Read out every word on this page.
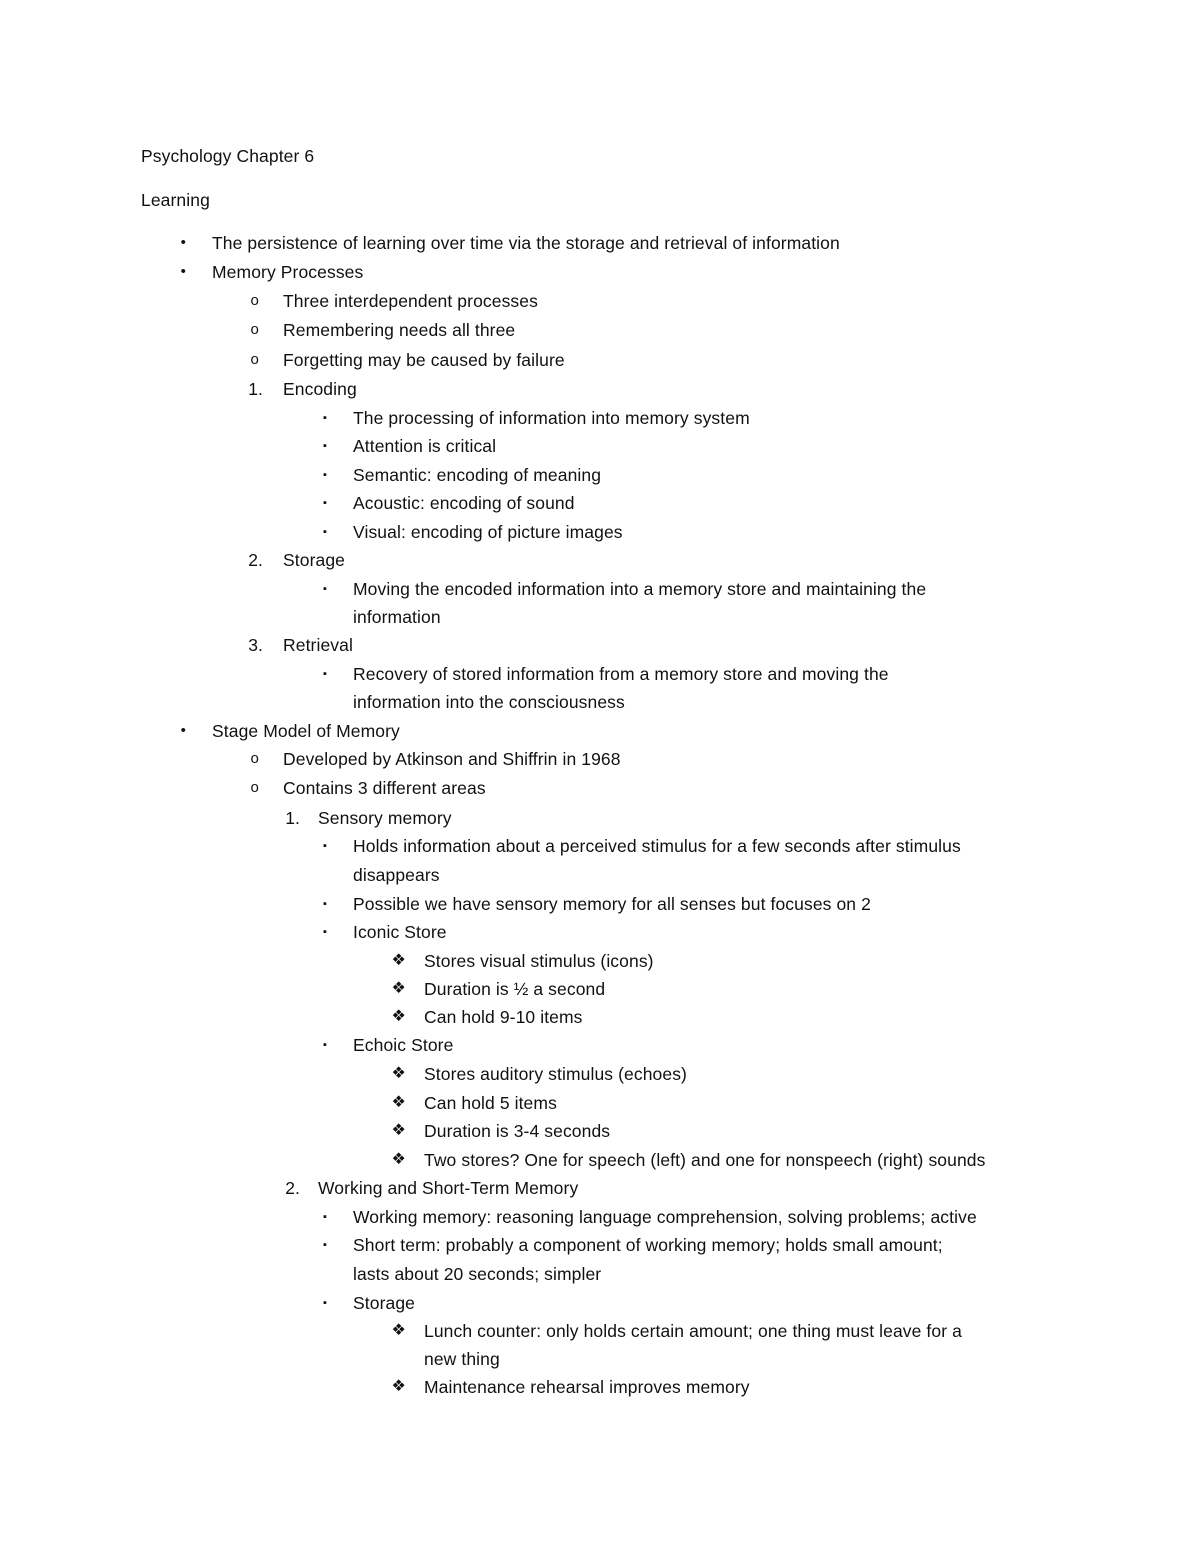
Psychology Chapter 6
Learning
• The persistence of learning over time via the storage and retrieval of information
• Memory Processes
o Three interdependent processes
o Remembering needs all three
o Forgetting may be caused by failure
1. Encoding
▪ The processing of information into memory system
▪ Attention is critical
▪ Semantic: encoding of meaning
▪ Acoustic: encoding of sound
▪ Visual: encoding of picture images
2. Storage
▪ Moving the encoded information into a memory store and maintaining the
information
3. Retrieval
▪ Recovery of stored information from a memory store and moving the
information into the consciousness
• Stage Model of Memory
o Developed by Atkinson and Shiffrin in 1968
o Contains 3 different areas
1. Sensory memory
▪ Holds information about a perceived stimulus for a few seconds after stimulus
disappears
▪ Possible we have sensory memory for all senses but focuses on 2
▪ Iconic Store
❖ Stores visual stimulus (icons)
❖ Duration is ½ a second
❖ Can hold 9-10 items
▪ Echoic Store
❖ Stores auditory stimulus (echoes)
❖ Can hold 5 items
❖ Duration is 3-4 seconds
❖ Two stores? One for speech (left) and one for nonspeech (right) sounds
2. Working and Short-Term Memory
▪ Working memory: reasoning language comprehension, solving problems; active
▪ Short term: probably a component of working memory; holds small amount;
lasts about 20 seconds; simpler
▪ Storage
❖ Lunch counter: only holds certain amount; one thing must leave for a
new thing
❖ Maintenance rehearsal improves memory
